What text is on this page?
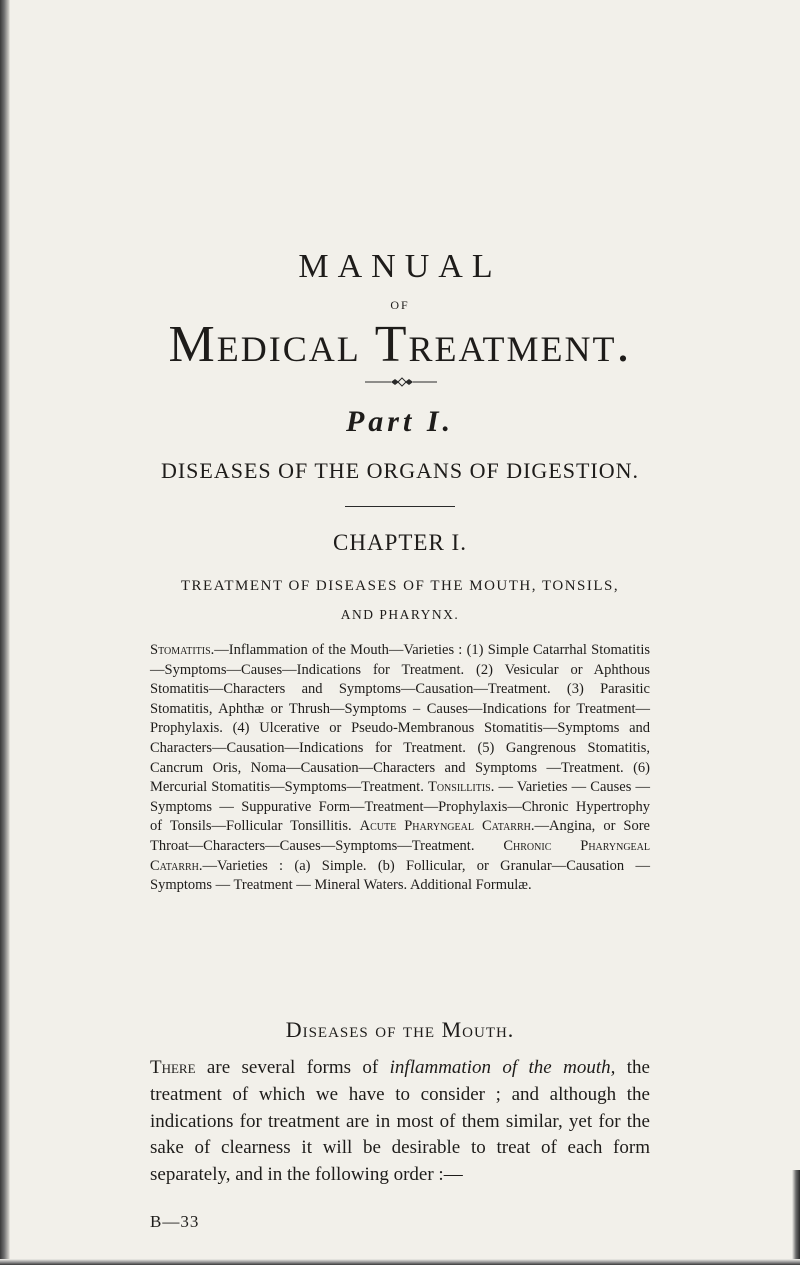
MANUAL
OF
Medical Treatment.
Part I.
DISEASES OF THE ORGANS OF DIGESTION.
CHAPTER I.
TREATMENT OF DISEASES OF THE MOUTH, TONSILS,
AND PHARYNX.
Stomatitis.—Inflammation of the Mouth—Varieties : (1) Simple Catarrhal Stomatitis—Symptoms—Causes—Indications for Treatment. (2) Vesicular or Aphthous Stomatitis—Characters and Symptoms—Causation—Treatment. (3) Parasitic Stomatitis, Aphthæ or Thrush—Symptoms – Causes—Indications for Treatment—Prophylaxis. (4) Ulcerative or Pseudo-Membranous Stomatitis—Symptoms and Characters—Causation—Indications for Treatment. (5) Gangrenous Stomatitis, Cancrum Oris, Noma—Causation—Characters and Symptoms —Treatment. (6) Mercurial Stomatitis—Symptoms—Treatment. Tonsillitis. — Varieties — Causes — Symptoms — Suppurative Form—Treatment—Prophylaxis—Chronic Hypertrophy of Tonsils—Follicular Tonsillitis. Acute Pharyngeal Catarrh.—Angina, or Sore Throat—Characters—Causes—Symptoms—Treatment. Chronic Pharyngeal Catarrh.—Varieties : (a) Simple. (b) Follicular, or Granular—Causation — Symptoms — Treatment — Mineral Waters. Additional Formulæ.
Diseases of the Mouth.
There are several forms of inflammation of the mouth, the treatment of which we have to consider ; and although the indications for treatment are in most of them similar, yet for the sake of clearness it will be desirable to treat of each form separately, and in the following order :—
B—33
